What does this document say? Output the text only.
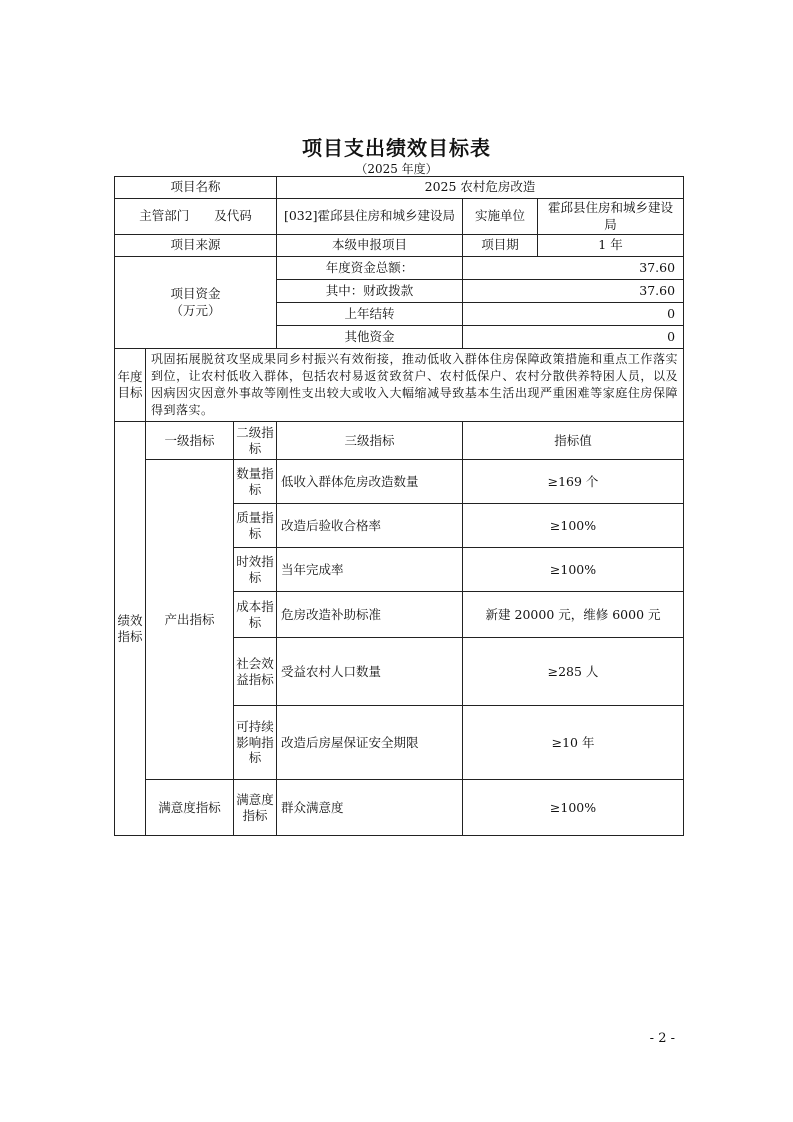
项目支出绩效目标表
（2025 年度）
项目名称			2025 农村危房改造		
主管部门　　及代码			[032]霍邱县住房和城乡建设局	实施单位	霍邱县住房和城乡建设局
项目来源			本级申报项目	项目期	1 年

项目资金
（万元）			年度资金总额：	37.60	
			其中：财政拨款	37.60	
			上年结转	0	
			其他资金	0	
年度目标	巩固拓展脱贫攻坚成果同乡村振兴有效衔接，推动低收入群体住房保障政策措施和重点工作落实到位，让农村低收入群体，包括农村易返贫致贫户、农村低保户、农村分散供养特困人员，以及因病因灾因意外事故等刚性支出较大或收入大幅缩减导致基本生活出现严重困难等家庭住房保障得到落实。				
绩效指标	一级指标	二级指标	三级指标	指标值	
	产出指标	数量指标	低收入群体危房改造数量	≥169 个	
		质量指标	改造后验收合格率	≥100%	
		时效指标	当年完成率	≥100%	
		成本指标	危房改造补助标准	新建 20000 元，维修 6000 元	
		社会效益指标	受益农村人口数量	≥285 人	
		可持续影响指标	改造后房屋保证安全期限	≥10 年	
	满意度指标	满意度指标	群众满意度	≥100%	
- 2 -
